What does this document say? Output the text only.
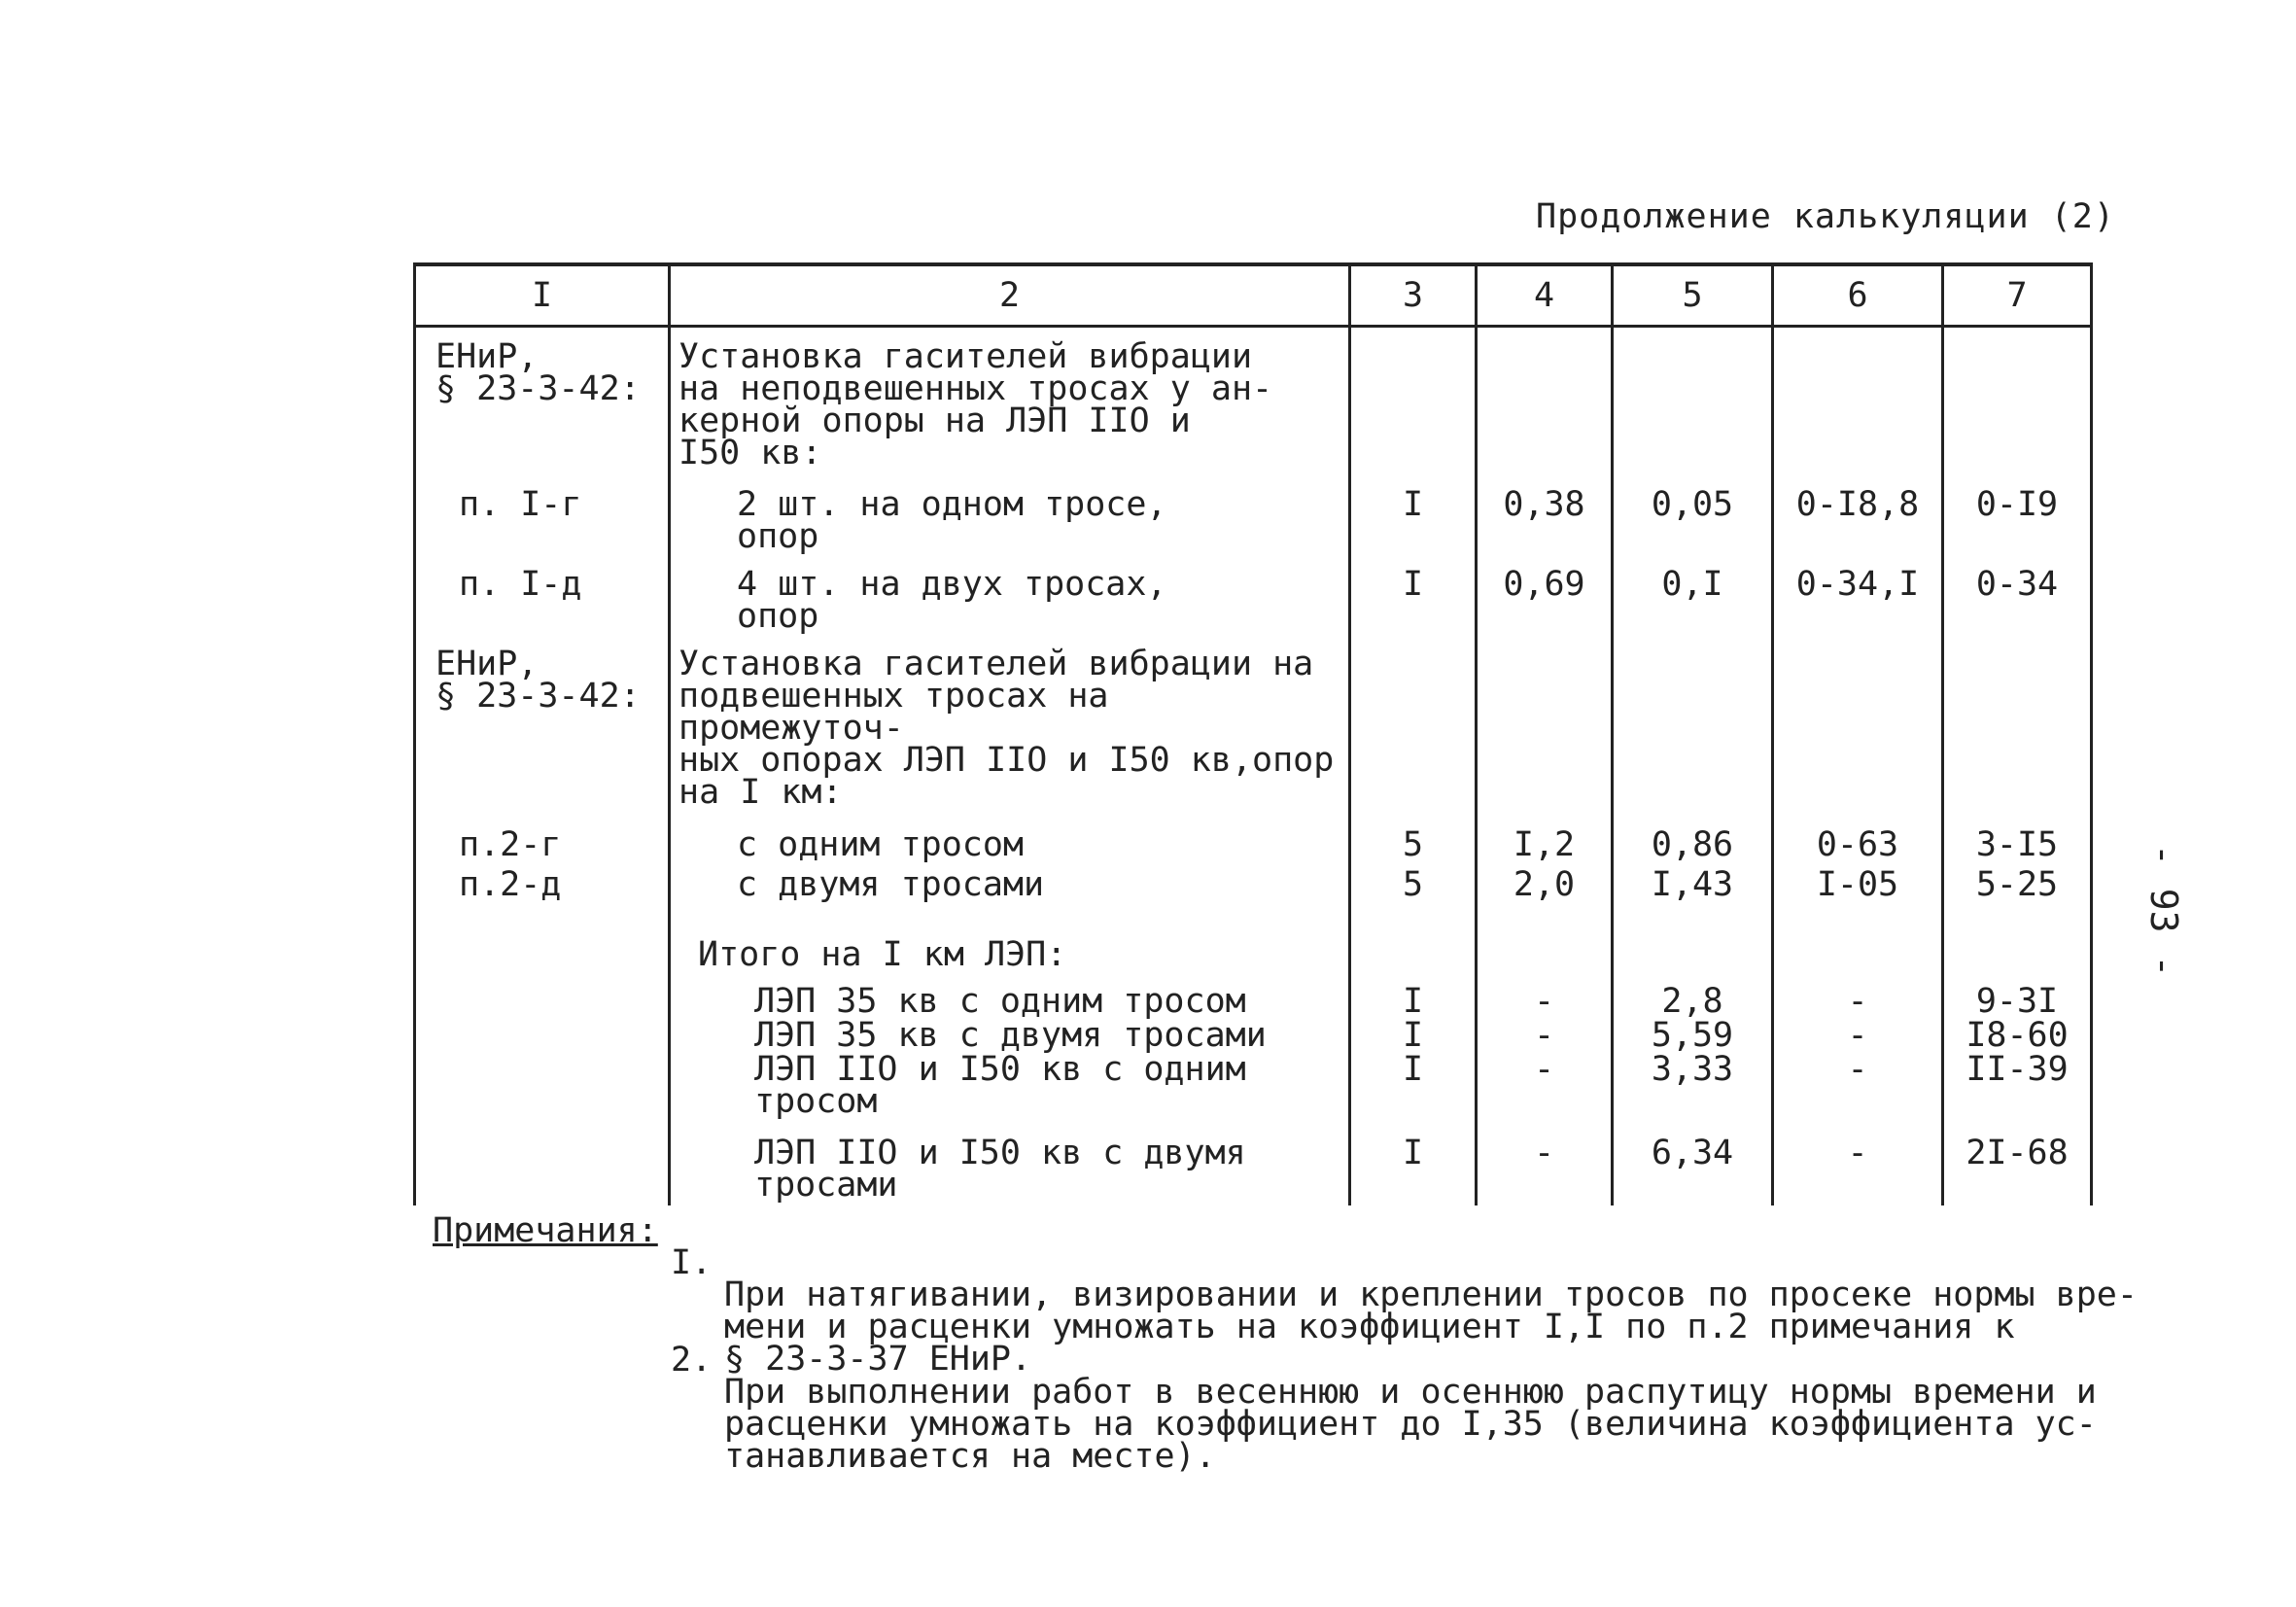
Продолжение калькуляции (2)
I	2	3	4	5	6	7
ЕНиР,
§ 23-3-42:	Установка гасителей вибрации
на неподвешенных тросах у ан-
керной опоры на ЛЭП IIO и
I50 кв:					

п. I-г	2 шт. на одном тросе,
опор	I	0,38	0,05	0-I8,8	0-I9

п. I-д	4 шт. на двух тросах,
опор	I	0,69	0,I	0-34,I	0-34
ЕНиР,
§ 23-3-42:	Установка гасителей вибрации на
подвешенных тросах на промежуточ-
ных опорах ЛЭП IIO и I50 кв,опор
на I км:					

п.2-г	с одним тросом	5	I,2	0,86	0-63	3-I5

п.2-д	с двумя тросами	5	2,0	I,43	I-05	5-25

	Итого на I км ЛЭП:					

	ЛЭП 35 кв с одним тросом	I	-	2,8	-	9-3I

	ЛЭП 35 кв с двумя тросами	I	-	5,59	-	I8-60

	ЛЭП IIO и I50 кв с одним
тросом	I	-	3,33	-	II-39

	ЛЭП IIO и I50 кв с двумя
тросами	I	-	6,34	-	2I-68

Примечания:

I.

При натягивании, визировании и креплении тросов по просеке нормы вре-
мени и расценки умножать на коэффициент I,I по п.2 примечания к
§ 23-3-37 ЕНиР.

2.

При выполнении работ в весеннюю и осеннюю распутицу нормы времени и
расценки умножать на коэффициент до I,35 (величина коэффициента ус-
танавливается на месте).

- 93 -
